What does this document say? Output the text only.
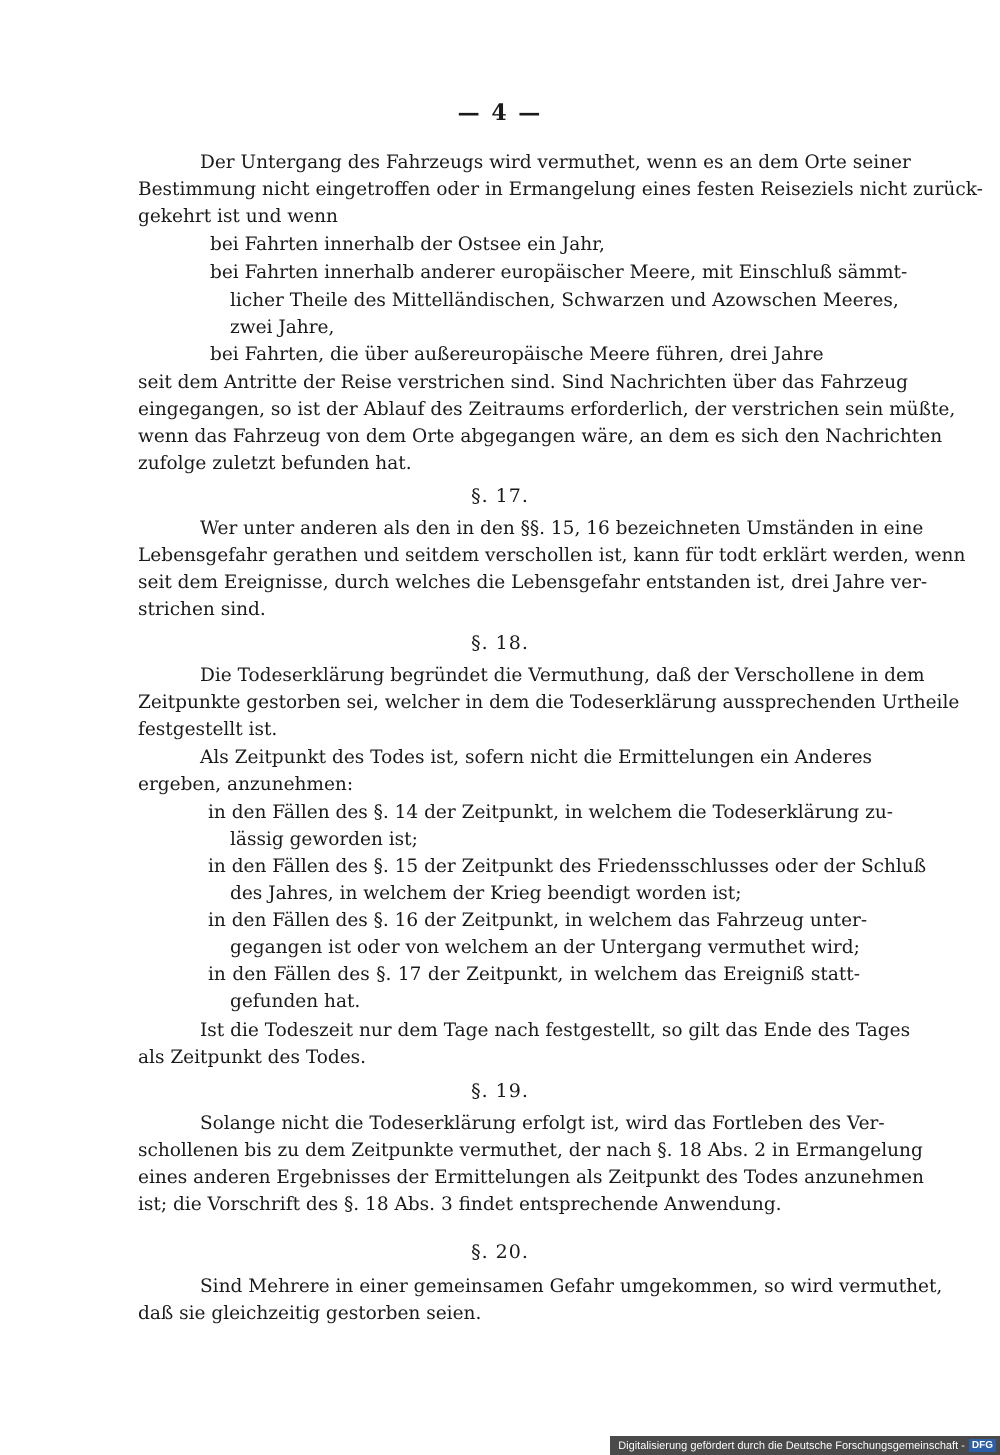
— 4 —
Der Untergang des Fahrzeugs wird vermuthet, wenn es an dem Orte seiner
Bestimmung nicht eingetroffen oder in Ermangelung eines festen Reiseziels nicht zurück-
gekehrt ist und wenn
bei Fahrten innerhalb der Ostsee ein Jahr,
bei Fahrten innerhalb anderer europäischer Meere, mit Einschluß sämmt-
licher Theile des Mittelländischen, Schwarzen und Azowschen Meeres,
zwei Jahre,
bei Fahrten, die über außereuropäische Meere führen, drei Jahre
seit dem Antritte der Reise verstrichen sind. Sind Nachrichten über das Fahrzeug
eingegangen, so ist der Ablauf des Zeitraums erforderlich, der verstrichen sein müßte,
wenn das Fahrzeug von dem Orte abgegangen wäre, an dem es sich den Nachrichten
zufolge zuletzt befunden hat.
§. 17.
Wer unter anderen als den in den §§. 15, 16 bezeichneten Umständen in eine
Lebensgefahr gerathen und seitdem verschollen ist, kann für todt erklärt werden, wenn
seit dem Ereignisse, durch welches die Lebensgefahr entstanden ist, drei Jahre ver-
strichen sind.
§. 18.
Die Todeserklärung begründet die Vermuthung, daß der Verschollene in dem
Zeitpunkte gestorben sei, welcher in dem die Todeserklärung aussprechenden Urtheile
festgestellt ist.
Als Zeitpunkt des Todes ist, sofern nicht die Ermittelungen ein Anderes
ergeben, anzunehmen:
in den Fällen des §. 14 der Zeitpunkt, in welchem die Todeserklärung zu-
lässig geworden ist;
in den Fällen des §. 15 der Zeitpunkt des Friedensschlusses oder der Schluß
des Jahres, in welchem der Krieg beendigt worden ist;
in den Fällen des §. 16 der Zeitpunkt, in welchem das Fahrzeug unter-
gegangen ist oder von welchem an der Untergang vermuthet wird;
in den Fällen des §. 17 der Zeitpunkt, in welchem das Ereigniß statt-
gefunden hat.
Ist die Todeszeit nur dem Tage nach festgestellt, so gilt das Ende des Tages
als Zeitpunkt des Todes.
§. 19.
Solange nicht die Todeserklärung erfolgt ist, wird das Fortleben des Ver-
schollenen bis zu dem Zeitpunkte vermuthet, der nach §. 18 Abs. 2 in Ermangelung
eines anderen Ergebnisses der Ermittelungen als Zeitpunkt des Todes anzunehmen
ist; die Vorschrift des §. 18 Abs. 3 findet entsprechende Anwendung.
§. 20.
Sind Mehrere in einer gemeinsamen Gefahr umgekommen, so wird vermuthet,
daß sie gleichzeitig gestorben seien.
Digitalisierung gefördert durch die Deutsche Forschungsgemeinschaft - DFG
